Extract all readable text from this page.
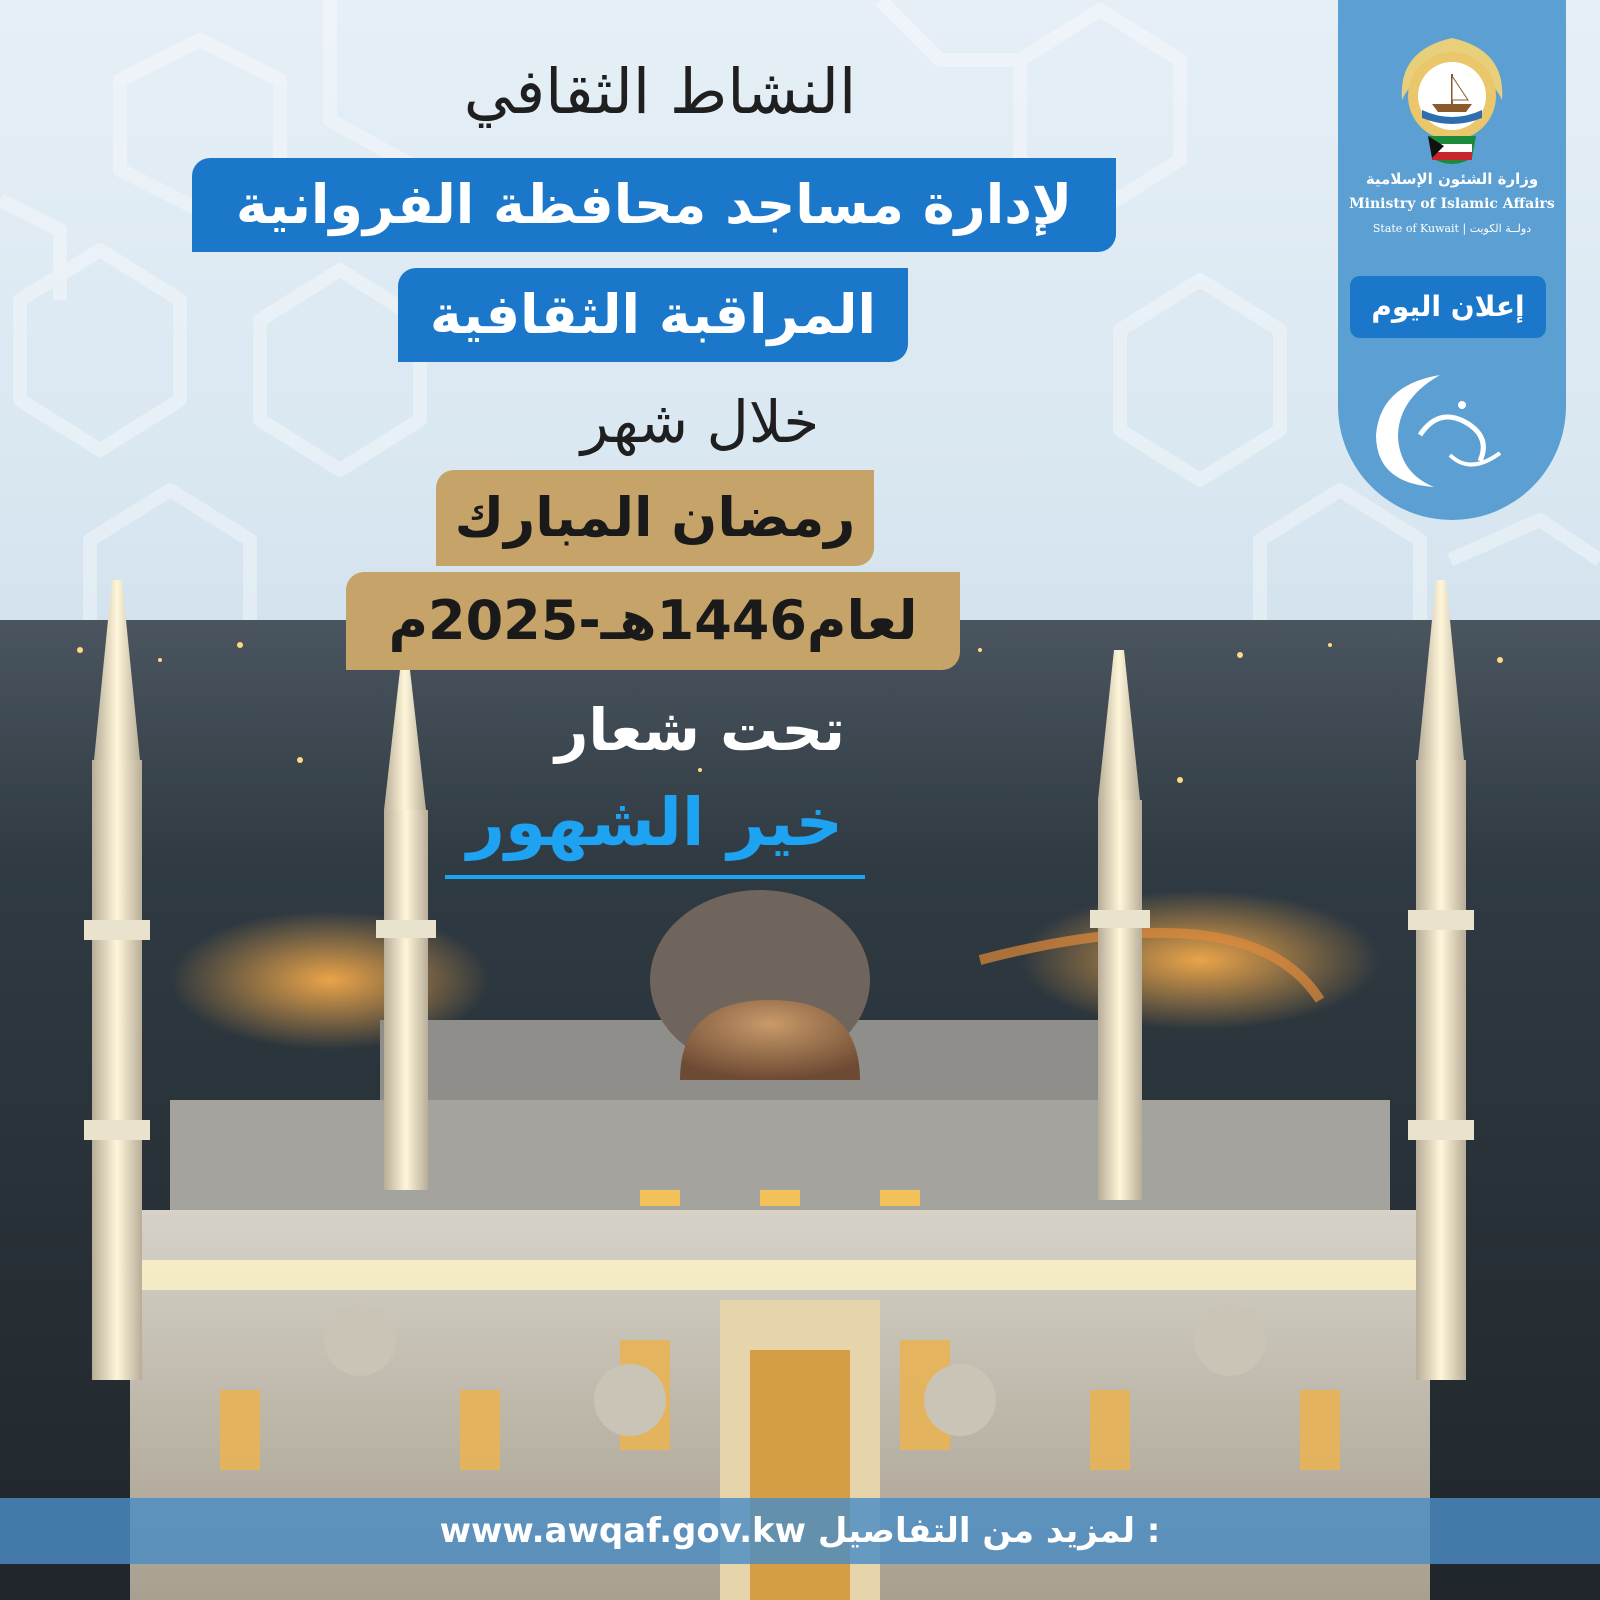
وزارة الشئون الإسلامية
Ministry of Islamic Affairs
State of Kuwait | دولــة الكويت
إعلان اليوم
النشاط الثقافي
لإدارة مساجد محافظة الفروانية
المراقبة الثقافية
خلال شهر
رمضان المبارك
لعام1446هـ-2025م
تحت شعار
خير الشهور
www.awqaf.gov.kw لمزيد من التفاصيل :
